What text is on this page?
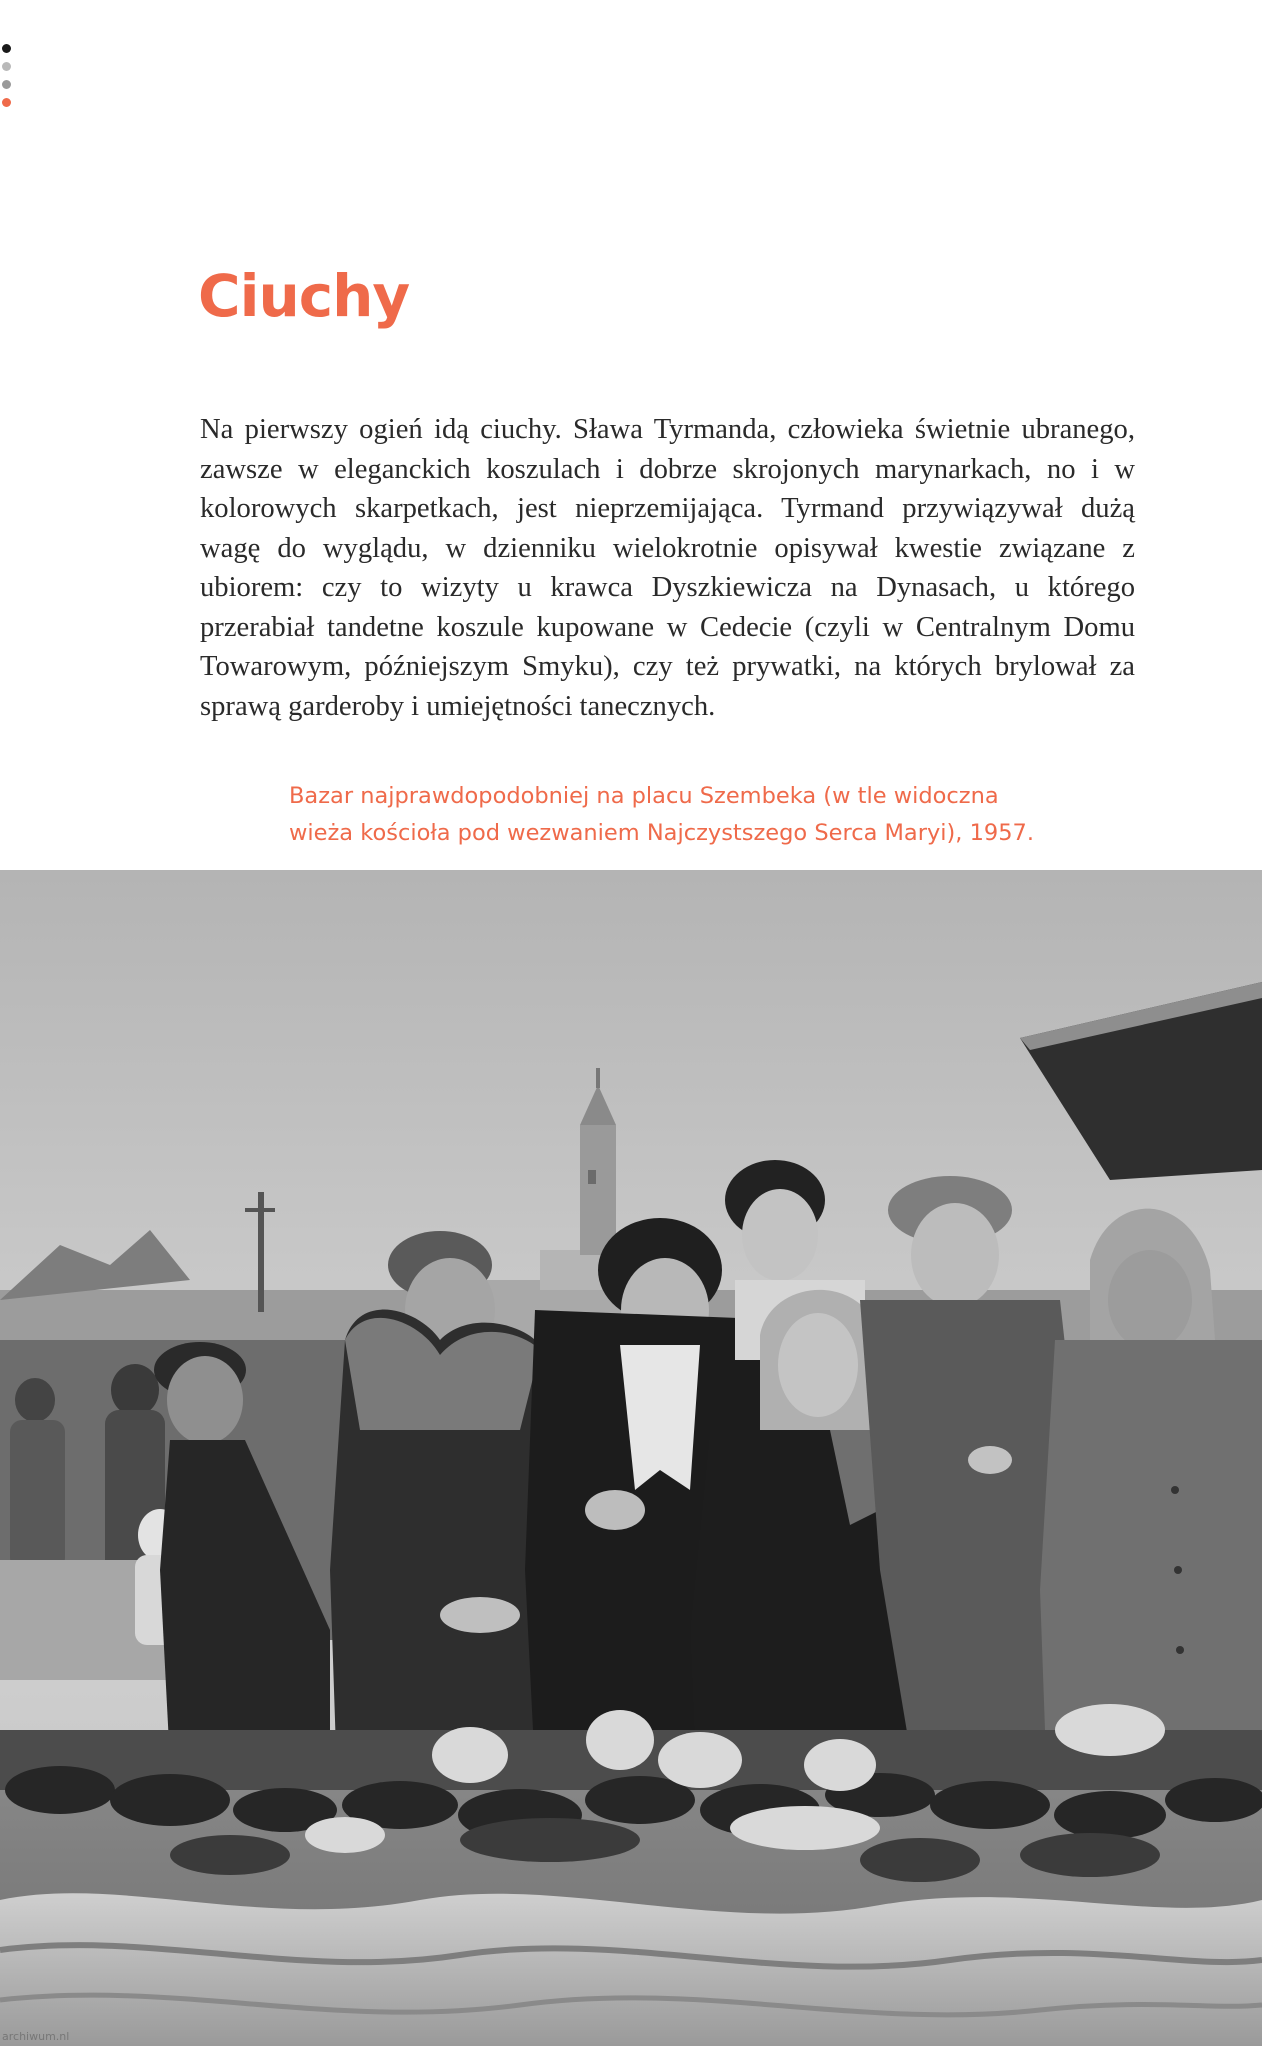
Ciuchy

Na pierwszy ogień idą ciuchy. Sława Tyrmanda, człowieka świetnie ubranego, zawsze w eleganckich koszulach i dobrze skrojonych marynarkach, no i w kolorowych skarpetkach, jest nieprzemijająca. Tyrmand przywiązywał dużą wagę do wyglądu, w dzienniku wielokrotnie opisywał kwestie związane z ubiorem: czy to wizyty u krawca Dyszkiewicza na Dynasach, u którego przerabiał tandetne koszule kupowane w Cedecie (czyli w Centralnym Domu Towarowym, późniejszym Smyku), czy też prywatki, na których brylował za sprawą garderoby i umiejętności tanecznych.

Bazar najprawdopodobniej na placu Szembeka (w tle widoczna
wieża kościoła pod wezwaniem Najczystszego Serca Maryi), 1957.
archiwum.nl
